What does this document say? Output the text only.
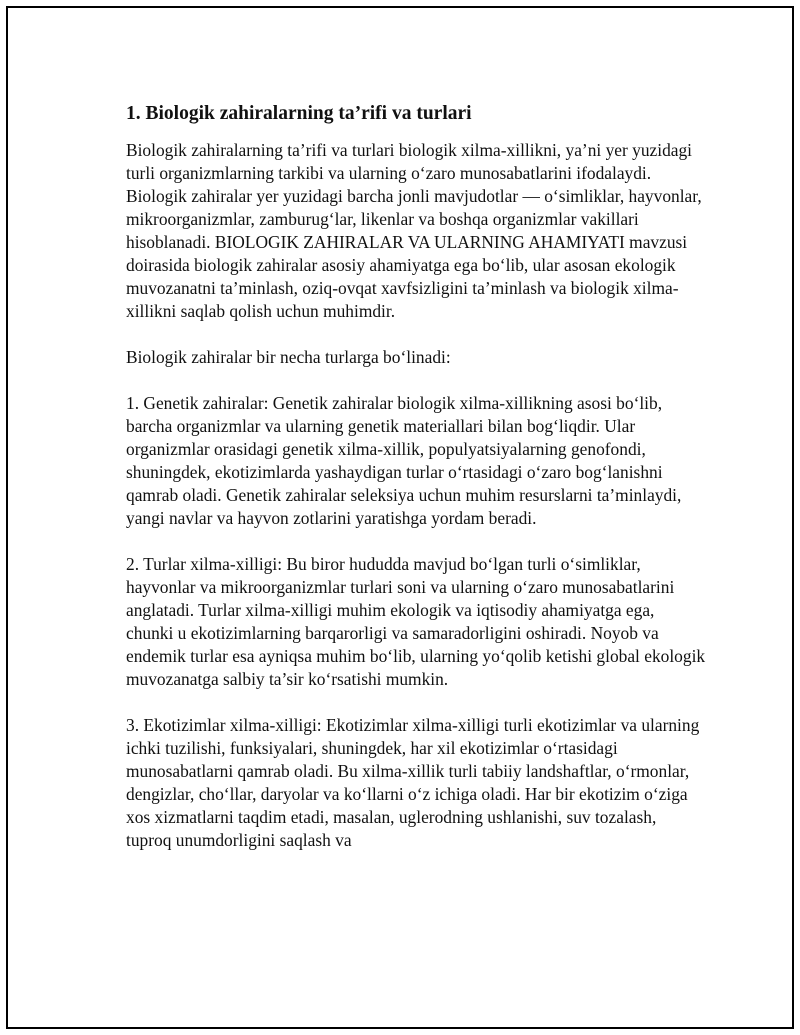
1. Biologik zahiralarning ta’rifi va turlari

Biologik zahiralarning ta’rifi va turlari biologik xilma-xillikni, ya’ni yer yuzidagi turli organizmlarning tarkibi va ularning o‘zaro munosabatlarini ifodalaydi. Biologik zahiralar yer yuzidagi barcha jonli mavjudotlar — o‘simliklar, hayvonlar, mikroorganizmlar, zamburug‘lar, likenlar va boshqa organizmlar vakillari hisoblanadi. BIOLOGIK ZAHIRALAR VA ULARNING AHAMIYATI mavzusi doirasida biologik zahiralar asosiy ahamiyatga ega bo‘lib, ular asosan ekologik muvozanatni ta’minlash, oziq-ovqat xavfsizligini ta’minlash va biologik xilma-xillikni saqlab qolish uchun muhimdir.

Biologik zahiralar bir necha turlarga bo‘linadi:

1. Genetik zahiralar: Genetik zahiralar biologik xilma-xillikning asosi bo‘lib, barcha organizmlar va ularning genetik materiallari bilan bog‘liqdir. Ular organizmlar orasidagi genetik xilma-xillik, populyatsiyalarning genofondi, shuningdek, ekotizimlarda yashaydigan turlar o‘rtasidagi o‘zaro bog‘lanishni qamrab oladi. Genetik zahiralar seleksiya uchun muhim resurslarni ta’minlaydi, yangi navlar va hayvon zotlarini yaratishga yordam beradi.

2. Turlar xilma-xilligi: Bu biror hududda mavjud bo‘lgan turli o‘simliklar, hayvonlar va mikroorganizmlar turlari soni va ularning o‘zaro munosabatlarini anglatadi. Turlar xilma-xilligi muhim ekologik va iqtisodiy ahamiyatga ega, chunki u ekotizimlarning barqarorligi va samaradorligini oshiradi. Noyob va endemik turlar esa ayniqsa muhim bo‘lib, ularning yo‘qolib ketishi global ekologik muvozanatga salbiy ta’sir ko‘rsatishi mumkin.

3. Ekotizimlar xilma-xilligi: Ekotizimlar xilma-xilligi turli ekotizimlar va ularning ichki tuzilishi, funksiyalari, shuningdek, har xil ekotizimlar o‘rtasidagi munosabatlarni qamrab oladi. Bu xilma-xillik turli tabiiy landshaftlar, o‘rmonlar, dengizlar, cho‘llar, daryolar va ko‘llarni o‘z ichiga oladi. Har bir ekotizim o‘ziga xos xizmatlarni taqdim etadi, masalan, uglerodning ushlanishi, suv tozalash, tuproq unumdorligini saqlash va
